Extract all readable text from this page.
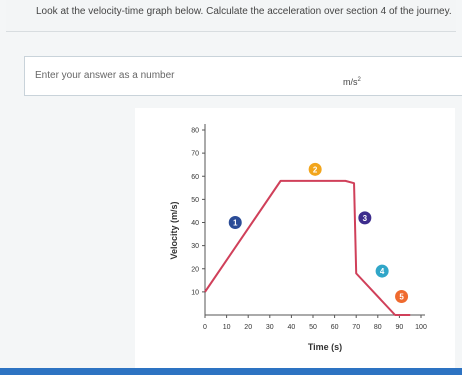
Look at the velocity-time graph below. Calculate the acceleration over section 4 of the journey.
Enter your answer as a number
$m/s^2$
0 10 20 30 40 50 60 70 80 90 100
10
20
30
40
50
60
70
80
Time (s)
Velocity (m/s)	1
2
3
4
5
